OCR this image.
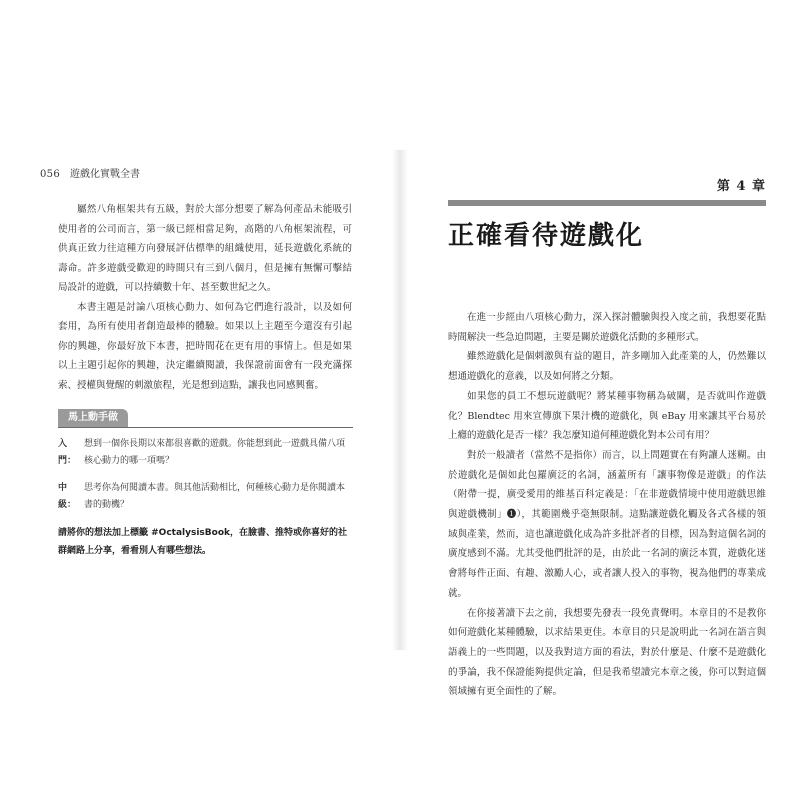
056 遊戲化實戰全書

屬然八角框架共有五級，對於大部分想要了解為何產品未能吸引使用者的公司而言，第一級已經相當足夠，高階的八角框架流程，可供真正致力往這種方向發展評估標準的組織使用，延長遊戲化系統的壽命。許多遊戲受歡迎的時間只有三到八個月，但是擁有無懈可擊結局設計的遊戲，可以持續數十年、甚至數世紀之久。

本書主題是討論八項核心動力、如何為它們進行設計，以及如何套用，為所有使用者創造最棒的體驗。如果以上主題至今還沒有引起你的興趣，你最好放下本書，把時間花在更有用的事情上。但是如果以上主題引起你的興趣，決定繼續閱讀，我保證前面會有一段充滿探索、授權與覺醒的刺激旅程，光是想到這點，讓我也同感興奮。

馬上動手做
入門：
想到一個你長期以來都很喜歡的遊戲。你能想到此一遊戲具備八項核心動力的哪一項嗎？
中級：
思考你為何閱讀本書。與其他活動相比，何種核心動力是你閱讀本書的動機？
請將你的想法加上標籤 #OctalysisBook，在臉書、推特或你喜好的社群網路上分享，看看別人有哪些想法。
第 4 章
正確看待遊戲化

在進一步經由八項核心動力，深入探討體驗與投入度之前，我想要花點時間解決一些急迫問題，主要是關於遊戲化活動的多種形式。

雖然遊戲化是個刺激與有益的題目，許多剛加入此產業的人，仍然難以想通遊戲化的意義，以及如何將之分類。

如果您的員工不想玩遊戲呢？將某種事物稱為破關，是否就叫作遊戲化？Blendtec 用來宣傳旗下果汁機的遊戲化，與 eBay 用來讓其平台易於上癮的遊戲化是否一樣？我怎麼知道何種遊戲化對本公司有用？

對於一般讀者（當然不是指你）而言，以上問題實在有夠讓人迷糊。由於遊戲化是個如此包羅廣泛的名詞，涵蓋所有「讓事物像是遊戲」的作法（附帶一提，廣受愛用的維基百科定義是：「在非遊戲情境中使用遊戲思維與遊戲機制」❶），其範圍幾乎毫無限制。這點讓遊戲化觸及各式各樣的領域與產業，然而，這也讓遊戲化成為許多批評者的目標，因為對這個名詞的廣度感到不滿。尤其受他們批評的是，由於此一名詞的廣泛本質，遊戲化迷會將每件正面、有趣、激勵人心，或者讓人投入的事物，視為他們的專業成就。

在你接著讀下去之前，我想要先發表一段免責聲明。本章目的不是教你如何遊戲化某種體驗，以求結果更佳。本章目的只是說明此一名詞在語言與語義上的一些問題，以及我對這方面的看法，對於什麼是、什麼不是遊戲化的爭論，我不保證能夠提供定論，但是我希望讀完本章之後，你可以對這個領域擁有更全面性的了解。
